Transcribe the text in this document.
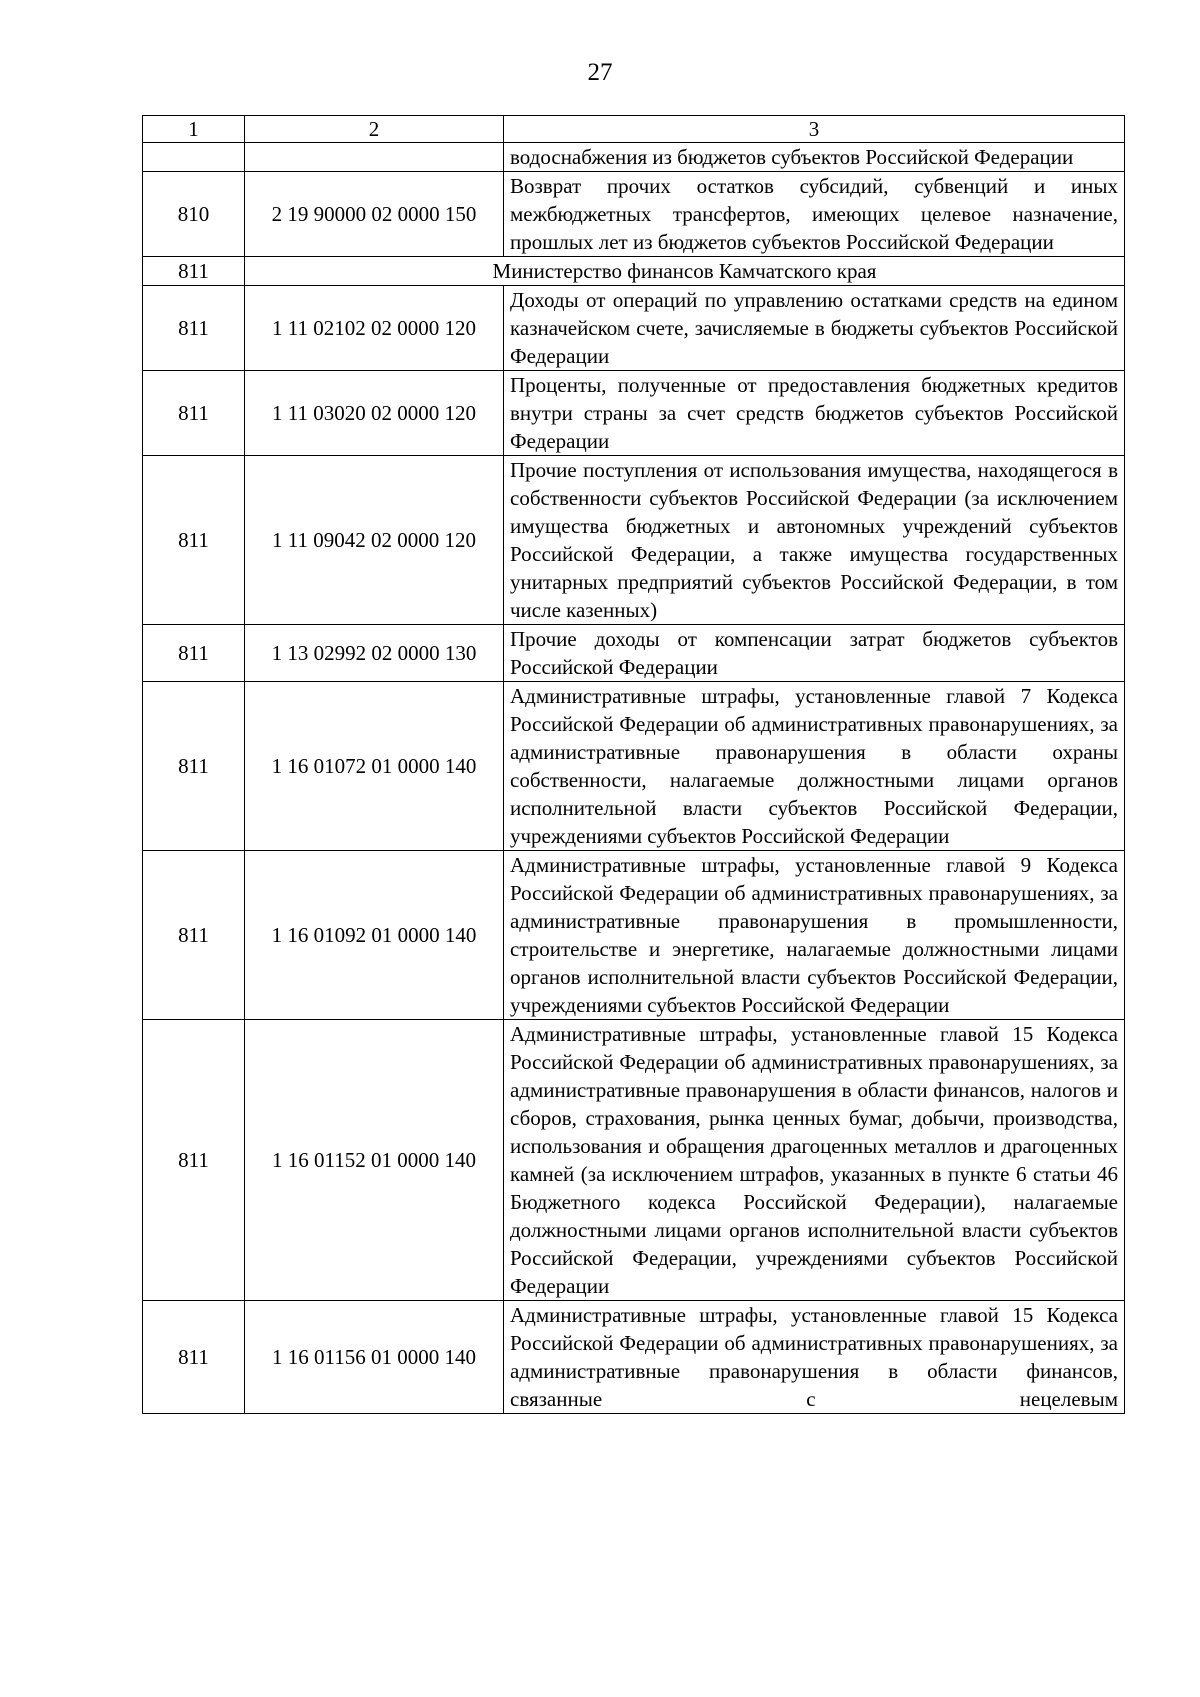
27
1	2	3
		водоснабжения из бюджетов субъектов Российской Федерации
810	2 19 90000 02 0000 150	Возврат прочих остатков субсидий, субвенций и иных межбюджетных трансфертов, имеющих целевое назначение, прошлых лет из бюджетов субъектов Российской Федерации
811	Министерство финансов Камчатского края	
811	1 11 02102 02 0000 120	Доходы от операций по управлению остатками средств на едином казначейском счете, зачисляемые в бюджеты субъектов Российской Федерации
811	1 11 03020 02 0000 120	Проценты, полученные от предоставления бюджетных кредитов внутри страны за счет средств бюджетов субъектов Российской Федерации
811	1 11 09042 02 0000 120	Прочие поступления от использования имущества, находящегося в собственности субъектов Российской Федерации (за исключением имущества бюджетных и автономных учреждений субъектов Российской Федерации, а также имущества государственных унитарных предприятий субъектов Российской Федерации, в том числе казенных)
811	1 13 02992 02 0000 130	Прочие доходы от компенсации затрат бюджетов субъектов Российской Федерации
811	1 16 01072 01 0000 140	Административные штрафы, установленные главой 7 Кодекса Российской Федерации об административных правонарушениях, за административные правонарушения в области охраны собственности, налагаемые должностными лицами органов исполнительной власти субъектов Российской Федерации, учреждениями субъектов Российской Федерации
811	1 16 01092 01 0000 140	Административные штрафы, установленные главой 9 Кодекса Российской Федерации об административных правонарушениях, за административные правонарушения в промышленности, строительстве и энергетике, налагаемые должностными лицами органов исполнительной власти субъектов Российской Федерации, учреждениями субъектов Российской Федерации
811	1 16 01152 01 0000 140	Административные штрафы, установленные главой 15 Кодекса Российской Федерации об административных правонарушениях, за административные правонарушения в области финансов, налогов и сборов, страхования, рынка ценных бумаг, добычи, производства, использования и обращения драгоценных металлов и драгоценных камней (за исключением штрафов, указанных в пункте 6 статьи 46 Бюджетного кодекса Российской Федерации), налагаемые должностными лицами органов исполнительной власти субъектов Российской Федерации, учреждениями субъектов Российской Федерации
811	1 16 01156 01 0000 140	Административные штрафы, установленные главой 15 Кодекса Российской Федерации об административных правонарушениях, за административные правонарушения в области финансов, связанные с нецелевым
